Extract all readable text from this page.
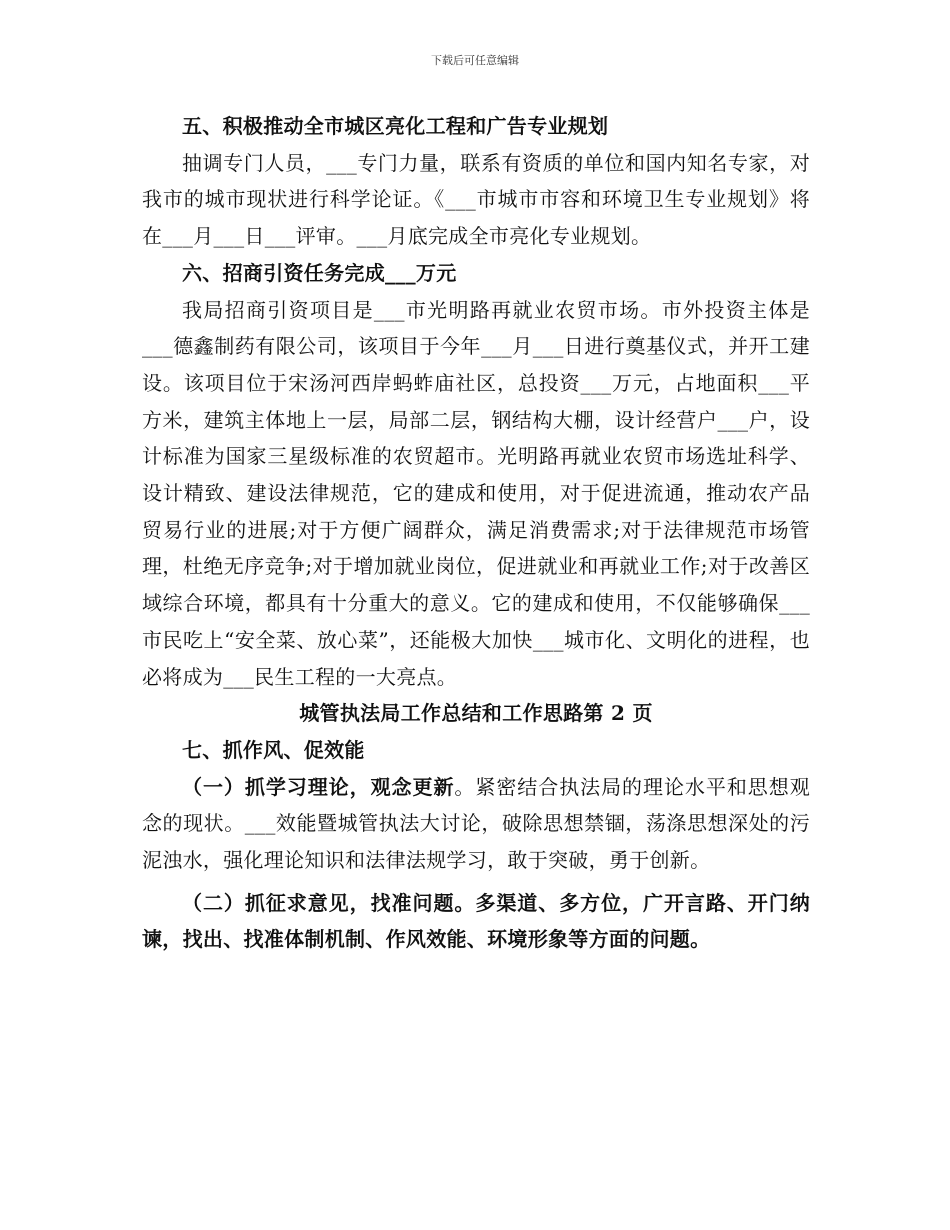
下载后可任意编辑

五、积极推动全市城区亮化工程和广告专业规划

抽调专门人员，___专门力量，联系有资质的单位和国内知名专家，对我市的城市现状进行科学论证。《___市城市市容和环境卫生专业规划》将在___月___日___评审。___月底完成全市亮化专业规划。

六、招商引资任务完成___万元

我局招商引资项目是___市光明路再就业农贸市场。市外投资主体是___德鑫制药有限公司，该项目于今年___月___日进行奠基仪式，并开工建设。该项目位于宋汤河西岸蚂蚱庙社区，总投资___万元，占地面积___平方米，建筑主体地上一层，局部二层，钢结构大棚，设计经营户___户，设计标准为国家三星级标准的农贸超市。光明路再就业农贸市场选址科学、设计精致、建设法律规范，它的建成和使用，对于促进流通，推动农产品贸易行业的进展;对于方便广阔群众，满足消费需求;对于法律规范市场管理，杜绝无序竞争;对于增加就业岗位，促进就业和再就业工作;对于改善区域综合环境，都具有十分重大的意义。它的建成和使用，不仅能够确保___市民吃上“安全菜、放心菜”，还能极大加快___城市化、文明化的进程，也必将成为___民生工程的一大亮点。

城管执法局工作总结和工作思路第 2 页

七、抓作风、促效能

（一）抓学习理论，观念更新。紧密结合执法局的理论水平和思想观念的现状。___效能暨城管执法大讨论，破除思想禁锢，荡涤思想深处的污泥浊水，强化理论知识和法律法规学习，敢于突破，勇于创新。

（二）抓征求意见，找准问题。多渠道、多方位，广开言路、开门纳谏，找出、找准体制机制、作风效能、环境形象等方面的问题。
